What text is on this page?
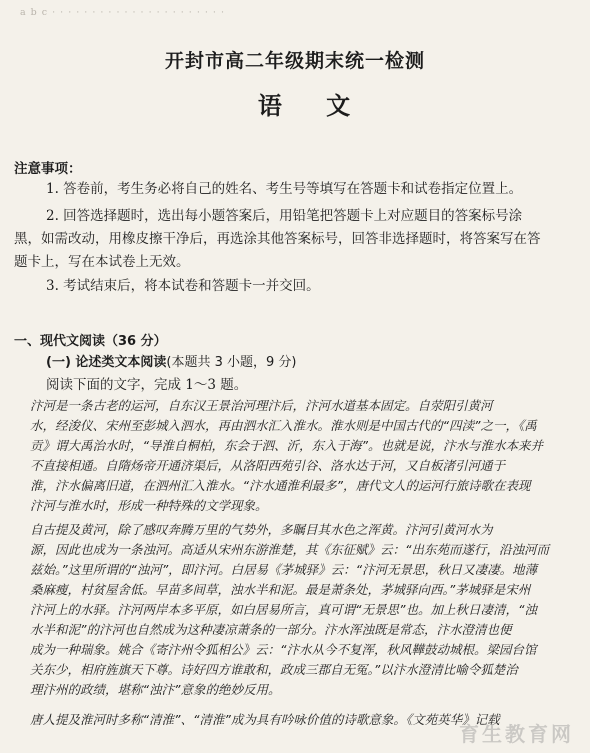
a b c · · · · · · · · · · · · · · · · · · · · · ·
开封市高二年级期末统一检测
语 文
注意事项：
1. 答卷前，考生务必将自己的姓名、考生号等填写在答题卡和试卷指定位置上。
2. 回答选择题时，选出每小题答案后，用铅笔把答题卡上对应题目的答案标号涂
黑，如需改动，用橡皮擦干净后，再选涂其他答案标号，回答非选择题时，将答案写在答
题卡上，写在本试卷上无效。
3. 考试结束后，将本试卷和答题卡一并交回。
一、现代文阅读（36 分）
(一) 论述类文本阅读(本题共 3 小题，9 分)
阅读下面的文字，完成 1～3 题。
汴河是一条古老的运河，自东汉王景治河理汴后，汴河水道基本固定。自荥阳引黄河
水，经浚仪、宋州至彭城入泗水，再由泗水汇入淮水。淮水则是中国古代的“四渎”之一，《禹
贡》谓大禹治水时，“导淮自桐柏，东会于泗、沂，东入于海”。也就是说，汴水与淮水本来并
不直接相通。自隋炀帝开通济渠后，从洛阳西苑引谷、洛水达于河，又自板渚引河通于
淮，汴水偏离旧道，在泗州汇入淮水。“汴水通淮利最多”，唐代文人的运河行旅诗歌在表现
汴河与淮水时，形成一种特殊的文学现象。
自古提及黄河，除了感叹奔腾万里的气势外，多瞩目其水色之浑黄。汴河引黄河水为
源，因此也成为一条浊河。高适从宋州东游淮楚，其《东征赋》云：“出东苑而遂行，沿浊河而
兹始。”这里所谓的“浊河”，即汴河。白居易《茅城驿》云：“汴河无景思，秋日又凄凄。地薄
桑麻瘦，村贫屋舍低。早苗多间草，浊水半和泥。最是萧条处，茅城驿向西。”茅城驿是宋州
汴河上的水驿。汴河两岸本多平原，如白居易所言，真可谓“无景思”也。加上秋日凄清，“浊
水半和泥”的汴河也自然成为这种凄凉萧条的一部分。汴水浑浊既是常态，汴水澄清也便
成为一种瑞象。姚合《寄汴州令狐相公》云：“汴水从今不复浑，秋风鞾鼓动城根。梁园台馆
关东少，相府旌旗天下尊。诗好四方谁敢和，政成三郡自无冤。”以汴水澄清比喻令狐楚治
理汴州的政绩，堪称“浊汴”意象的绝妙反用。
唐人提及淮河时多称“清淮”、“清淮”成为具有吟咏价值的诗歌意象。《文苑英华》记载
育生教育网
